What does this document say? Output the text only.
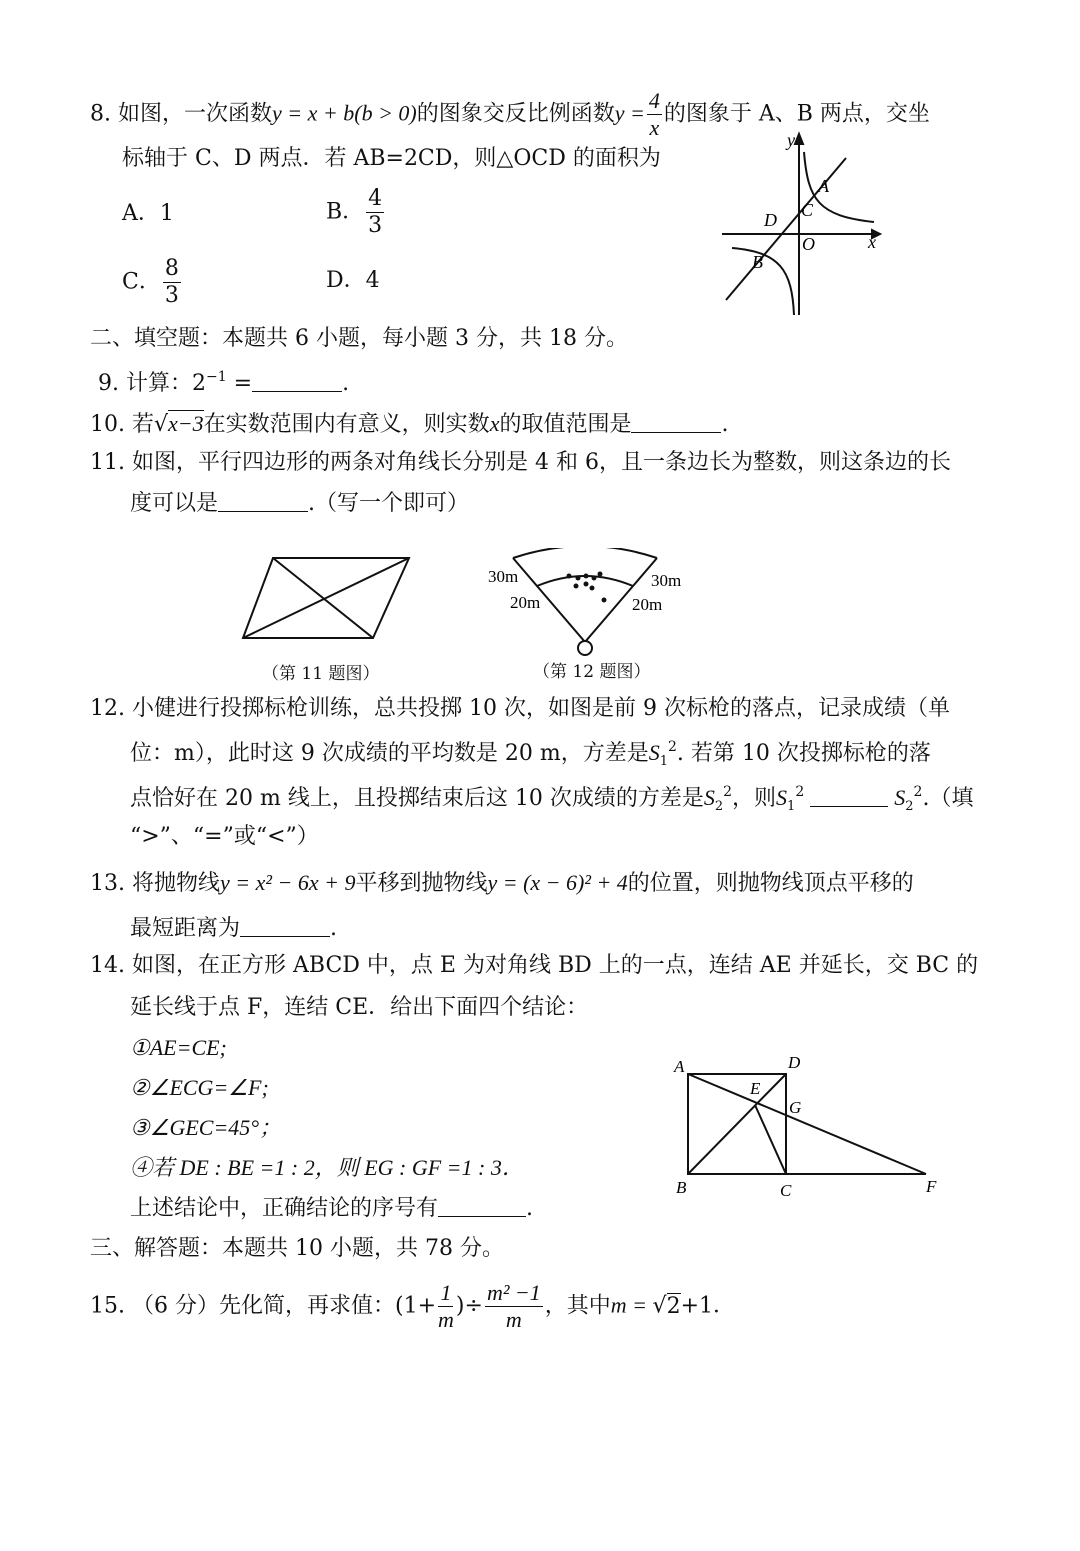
8. 如图，一次函数y = x + b(b > 0)的图象交反比例函数$y = \frac{4}{x}$ 的图象于 A、B 两点，交坐
标轴于 C、D 两点．若 AB=2CD，则△OCD 的面积为
A．1	B． $\frac{4}{3}$
C． $\frac{8}{3}$	D．4
y
x
A
C
D
O
B
二、填空题：本题共 6 小题，每小题 3 分，共 18 分。
9. 计算：$2^{-1}$ =	.
10. 若√x−3在实数范围内有意义，则实数x的取值范围是	.
11. 如图，平行四边形的两条对角线长分别是 4 和 6，且一条边长为整数，则这条边的长
度可以是	.（写一个即可）
（第 11 题图）
30m	30m
20m	20m
（第 12 题图）
12. 小健进行投掷标枪训练，总共投掷 10 次，如图是前 9 次标枪的落点，记录成绩（单
位：m），此时这 9 次成绩的平均数是 20 m，方差是$S_1^2$. 若第 10 次投掷标枪的落
点恰好在 20 m 线上，且投掷结束后这 10 次成绩的方差是$S_2^2$，则$S_1^2$	$S_2^2$.（填
“>”、“=”或“<”）
13. 将抛物线y = x² − 6x + 9平移到抛物线y = (x − 6)² + 4的位置，则抛物线顶点平移的
最短距离为	.
14. 如图，在正方形 ABCD 中，点 E 为对角线 BD 上的一点，连结 AE 并延长，交 BC 的
延长线于点 F，连结 CE．给出下面四个结论：
①AE=CE;
②∠ECG=∠F;
③∠GEC=45°；
④若 DE : BE =1 : 2，则 EG : GF =1 : 3．
上述结论中，正确结论的序号有	.
A	D
E
G
B	C	F
三、解答题：本题共 10 小题，共 78 分。
15. （6 分）先化简，再求值：($1+ \frac{1}{m}$ )÷ $\frac{\text{m² −1}}{m}$ ，其中m = √2+1．
